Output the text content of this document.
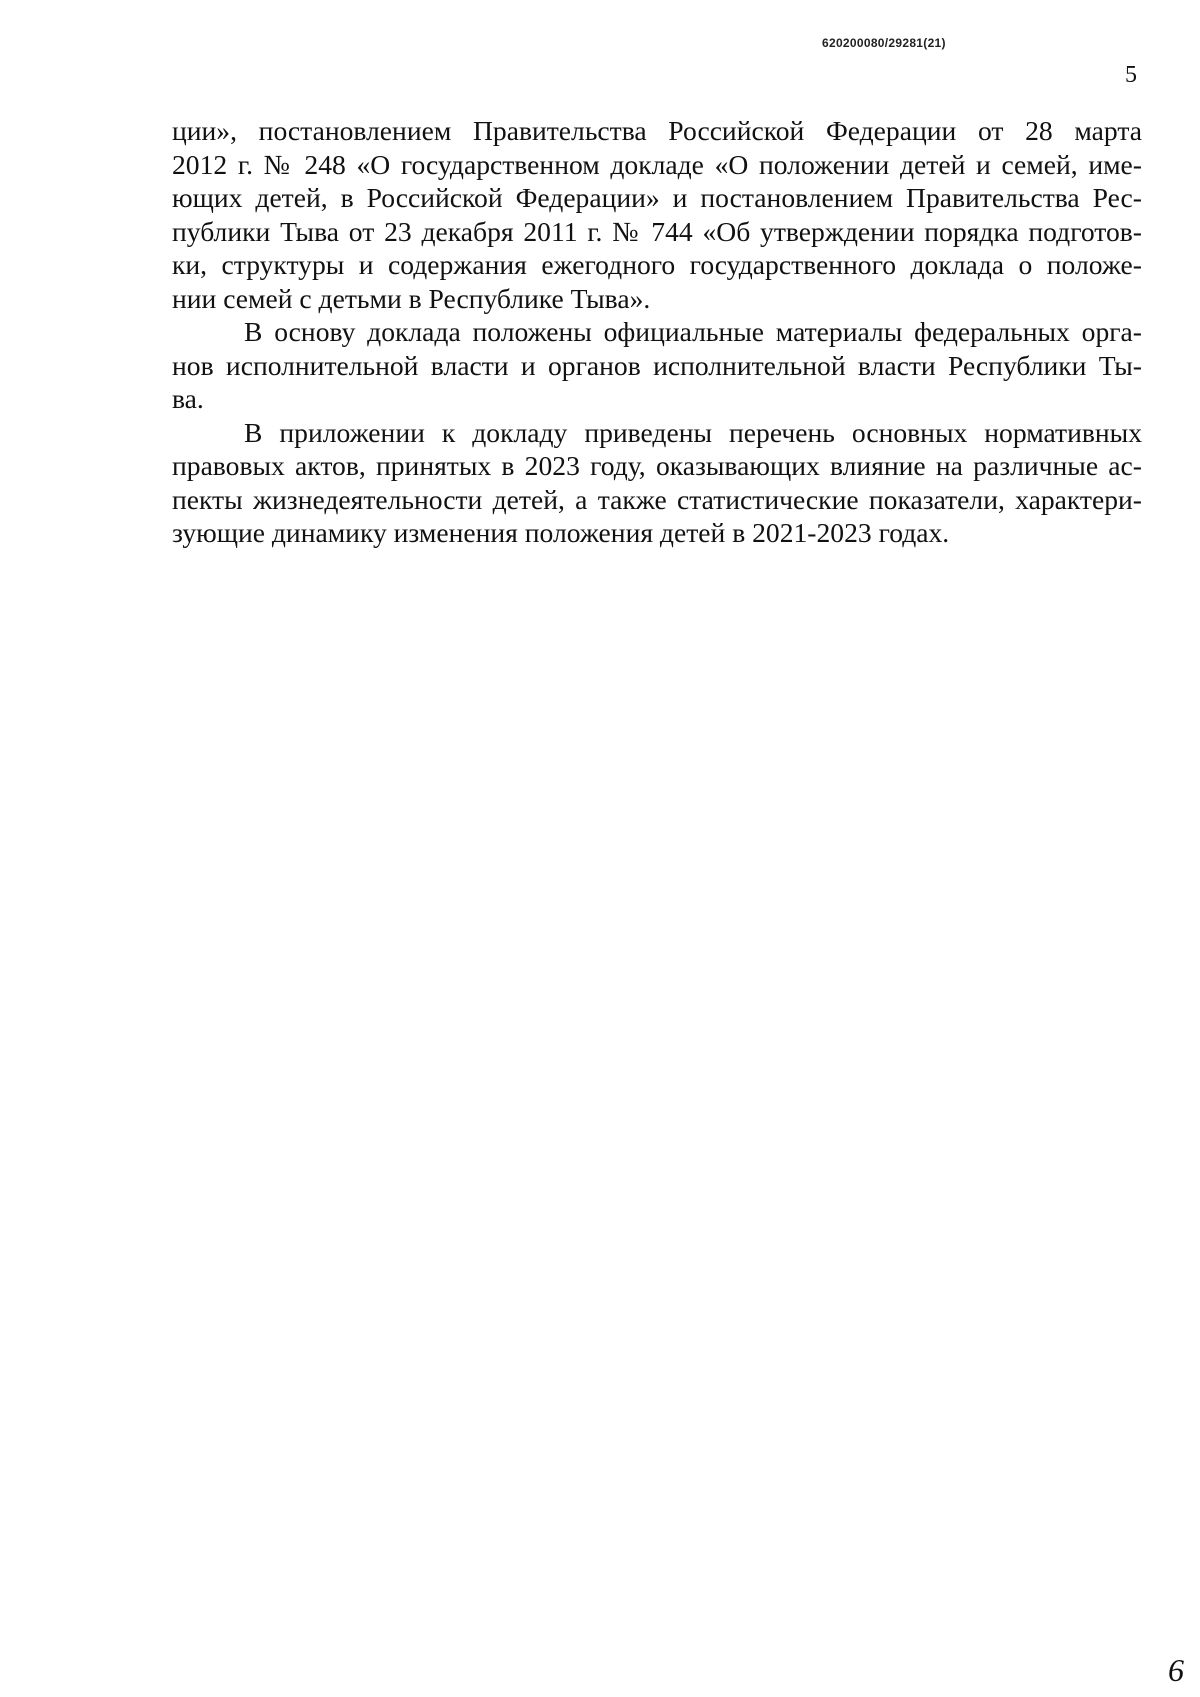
620200080/29281(21)
5
ции», постановлением Правительства Российской Федерации от 28 марта
2012 г. № 248 «О государственном докладе «О положении детей и семей, име-
ющих детей, в Российской Федерации» и постановлением Правительства Рес-
публики Тыва от 23 декабря 2011 г. № 744 «Об утверждении порядка подготов-
ки, структуры и содержания ежегодного государственного доклада о положе-
нии семей с детьми в Республике Тыва».
В основу доклада положены официальные материалы федеральных орга-
нов исполнительной власти и органов исполнительной власти Республики Ты-
ва.
В приложении к докладу приведены перечень основных нормативных
правовых актов, принятых в 2023 году, оказывающих влияние на различные ас-
пекты жизнедеятельности детей, а также статистические показатели, характери-
зующие динамику изменения положения детей в 2021-2023 годах.
6
